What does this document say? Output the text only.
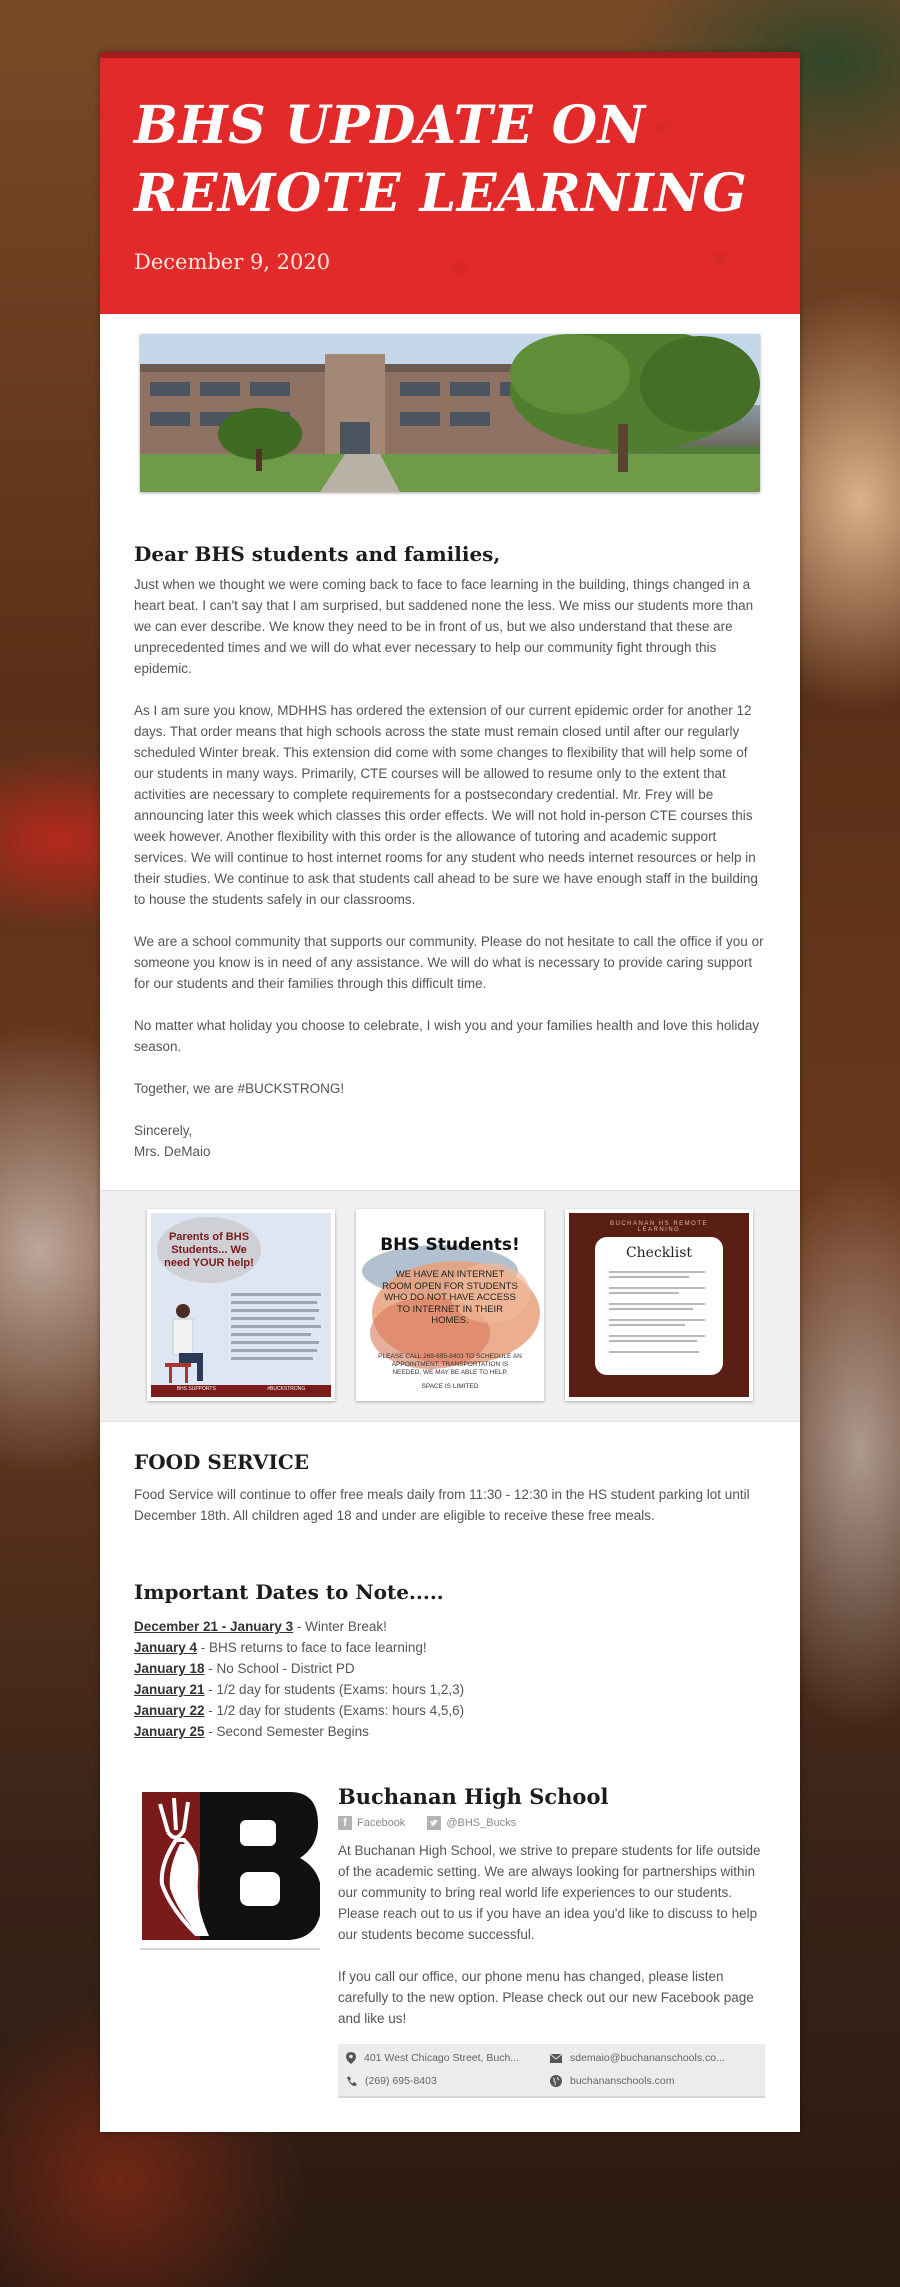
BHS UPDATE ON REMOTE LEARNING
December 9, 2020
Dear BHS students and families,

Just when we thought we were coming back to face to face learning in the building, things changed in a heart beat. I can't say that I am surprised, but saddened none the less. We miss our students more than we can ever describe. We know they need to be in front of us, but we also understand that these are unprecedented times and we will do what ever necessary to help our community fight through this epidemic.

As I am sure you know, MDHHS has ordered the extension of our current epidemic order for another 12 days. That order means that high schools across the state must remain closed until after our regularly scheduled Winter break. This extension did come with some changes to flexibility that will help some of our students in many ways. Primarily, CTE courses will be allowed to resume only to the extent that activities are necessary to complete requirements for a postsecondary credential. Mr. Frey will be announcing later this week which classes this order effects. We will not hold in-person CTE courses this week however. Another flexibility with this order is the allowance of tutoring and academic support services. We will continue to host internet rooms for any student who needs internet resources or help in their studies. We continue to ask that students call ahead to be sure we have enough staff in the building to house the students safely in our classrooms.

We are a school community that supports our community. Please do not hesitate to call the office if you or someone you know is in need of any assistance. We will do what is necessary to provide caring support for our students and their families through this difficult time.

No matter what holiday you choose to celebrate, I wish you and your families health and love this holiday season.

Together, we are #BUCKSTRONG!

Sincerely,

Mrs. DeMaio

Parents of BHS Students... We need YOUR help!
BHS SUPPORTS	#BUCKSTRONG
BHS Students!
WE HAVE AN INTERNET ROOM OPEN FOR STUDENTS WHO DO NOT HAVE ACCESS TO INTERNET IN THEIR HOMES.
PLEASE CALL 269-695-8403 TO SCHEDULE AN APPOINTMENT. TRANSPORTATION IS NEEDED, WE MAY BE ABLE TO HELP.
SPACE IS LIMITED
BUCHANAN HS REMOTE LEARNING
Checklist
FOOD SERVICE

Food Service will continue to offer free meals daily from 11:30 - 12:30 in the HS student parking lot until December 18th. All children aged 18 and under are eligible to receive these free meals.

Important Dates to Note.....
December 21 - January 3 - Winter Break!
January 4 - BHS returns to face to face learning!
January 18 - No School - District PD
January 21 - 1/2 day for students (Exams: hours 1,2,3)
January 22 - 1/2 day for students (Exams: hours 4,5,6)
January 25 - Second Semester Begins
Buchanan High School
f Facebook	@BHS_Bucks

At Buchanan High School, we strive to prepare students for life outside of the academic setting. We are always looking for partnerships within our community to bring real world life experiences to our students. Please reach out to us if you have an idea you'd like to discuss to help our students become successful.

If you call our office, our phone menu has changed, please listen carefully to the new option. Please check out our new Facebook page and like us!

401 West Chicago Street, Buch...	sdemaio@buchananschools.co...
(269) 695-8403	buchananschools.com
